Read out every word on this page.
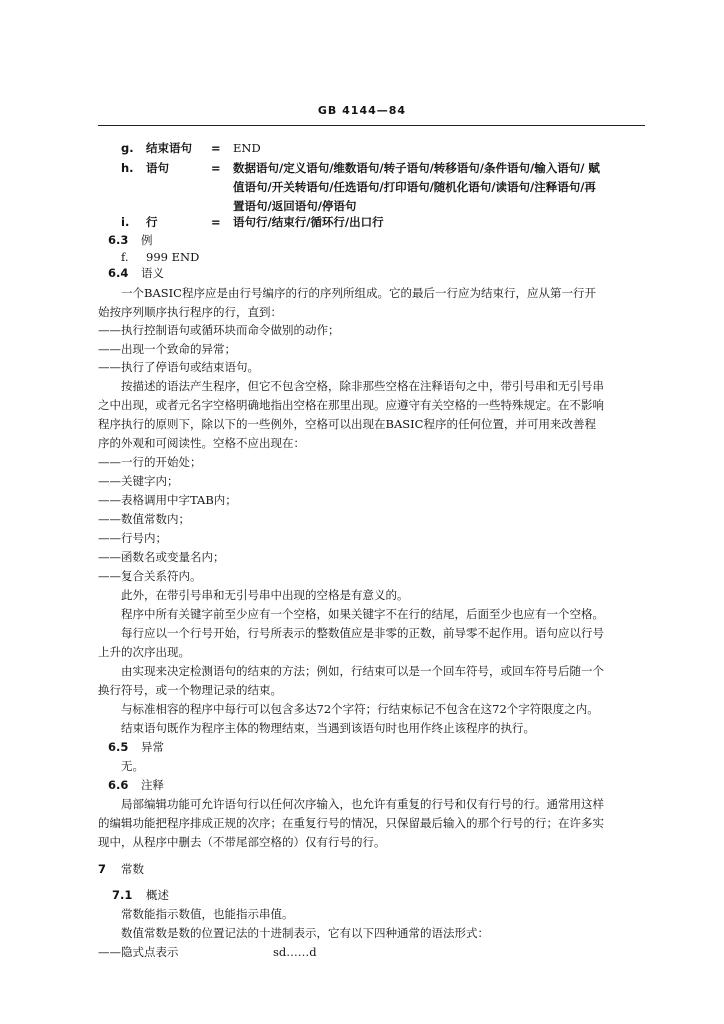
GB 4144—84
g. 结束语句 = END
h. 语句	= 数据语句/定义语句/维数语句/转子语句/转移语句/条件语句/输入语句/ 赋
值语句/开关转语句/任选语句/打印语句/随机化语句/读语句/注释语句/再
置语句/返回语句/停语句
i. 行	= 语句行/结束行/循环行/出口行
6.3 例
f. 999 END
6.4 语义
一个BASIC程序应是由行号编序的行的序列所组成。它的最后一行应为结束行，应从第一行开
始按序列顺序执行程序的行，直到：
——执行控制语句或循环块而命令做别的动作；
——出现一个致命的异常；
——执行了停语句或结束语句。
按描述的语法产生程序，但它不包含空格，除非那些空格在注释语句之中，带引号串和无引号串
之中出现，或者元名字空格明确地指出空格在那里出现。应遵守有关空格的一些特殊规定。在不影响
程序执行的原则下，除以下的一些例外，空格可以出现在BASIC程序的任何位置，并可用来改善程
序的外观和可阅读性。空格不应出现在：
——一行的开始处；
——关键字内；
——表格调用中字TAB内；
——数值常数内；
——行号内；
——函数名或变量名内；
——复合关系符内。
此外，在带引号串和无引号串中出现的空格是有意义的。
程序中所有关键字前至少应有一个空格，如果关键字不在行的结尾，后面至少也应有一个空格。
每行应以一个行号开始，行号所表示的整数值应是非零的正数，前导零不起作用。语句应以行号
上升的次序出现。
由实现来决定检测语句的结束的方法；例如，行结束可以是一个回车符号，或回车符号后随一个
换行符号，或一个物理记录的结束。
与标准相容的程序中每行可以包含多达72个字符；行结束标记不包含在这72个字符限度之内。
结束语句既作为程序主体的物理结束，当遇到该语句时也用作终止该程序的执行。
6.5 异常
无。
6.6 注释
局部编辑功能可允许语句行以任何次序输入，也允许有重复的行号和仅有行号的行。通常用这样
的编辑功能把程序排成正规的次序；在重复行号的情况，只保留最后输入的那个行号的行；在许多实
现中，从程序中删去（不带尾部空格的）仅有行号的行。
7 常数
7.1 概述
常数能指示数值，也能指示串值。
数值常数是数的位置记法的十进制表示，它有以下四种通常的语法形式：
——隐式点表示	sd……d
